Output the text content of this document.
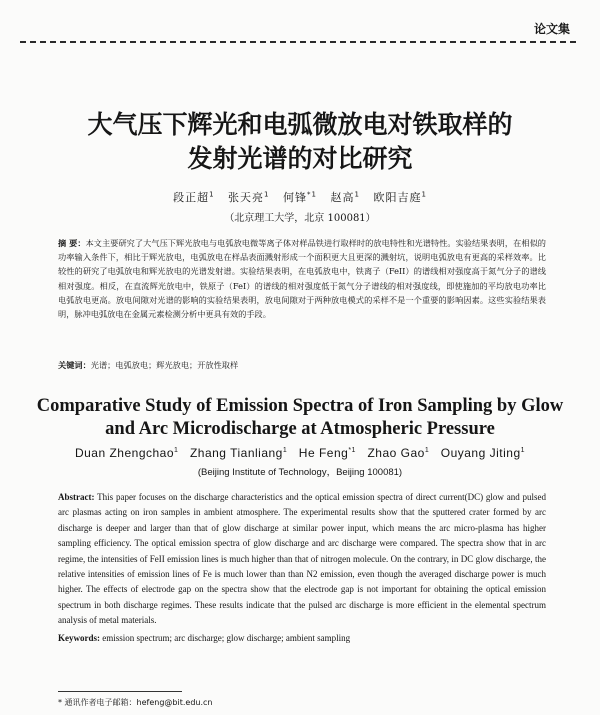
论文集

大气压下辉光和电弧微放电对铁取样的
发射光谱的对比研究
段正超$^1$ 张天亮$^1$ 何锋$^{*1}$ 赵高$^1$ 欧阳吉庭$^1$
（北京理工大学，北京 100081）

摘 要：本文主要研究了大气压下辉光放电与电弧放电微等离子体对样品铁进行取样时的放电特性和光谱特性。实验结果表明，在相似的功率输入条件下，相比于辉光放电，电弧放电在样品表面溅射形成一个面积更大且更深的溅射坑，说明电弧放电有更高的采样效率。比较性的研究了电弧放电和辉光放电的光谱发射谱。实验结果表明，在电弧放电中，铁离子（FeII）的谱线相对强度高于氮气分子的谱线相对强度。相反，在直流辉光放电中，铁原子（FeI）的谱线的相对强度低于氮气分子谱线的相对强度线，即使施加的平均放电功率比电弧放电更高。放电间隙对光谱的影响的实验结果表明，放电间隙对于两种放电模式的采样不是一个重要的影响因素。这些实验结果表明，脉冲电弧放电在金属元素检测分析中更具有效的手段。

关键词：光谱；电弧放电；辉光放电；开放性取样

Comparative Study of Emission Spectra of Iron Sampling by Glow
and Arc Microdischarge at Atmospheric Pressure
Duan Zhengchao$^1$ Zhang Tianliang$^1$ He Feng$^{*1}$ Zhao Gao$^1$ Ouyang Jiting$^1$
(Beijing Institute of Technology，Beijing 100081)

Abstract: This paper focuses on the discharge characteristics and the optical emission spectra of direct current(DC) glow and pulsed arc plasmas acting on iron samples in ambient atmosphere. The experimental results show that the sputtered crater formed by arc discharge is deeper and larger than that of glow discharge at similar power input, which means the arc micro-plasma has higher sampling efficiency. The optical emission spectra of glow discharge and arc discharge were compared. The spectra show that in arc regime, the intensities of FeII emission lines is much higher than that of nitrogen molecule. On the contrary, in DC glow discharge, the relative intensities of emission lines of Fe is much lower than than N2 emission, even though the averaged discharge power is much higher. The effects of electrode gap on the spectra show that the electrode gap is not important for obtaining the optical emission spectrum in both discharge regimes. These results indicate that the pulsed arc discharge is more efficient in the elemental spectrum analysis of metal materials.

Keywords: emission spectrum; arc discharge; glow discharge; ambient sampling

* 通讯作者电子邮箱：hefeng@bit.edu.cn
